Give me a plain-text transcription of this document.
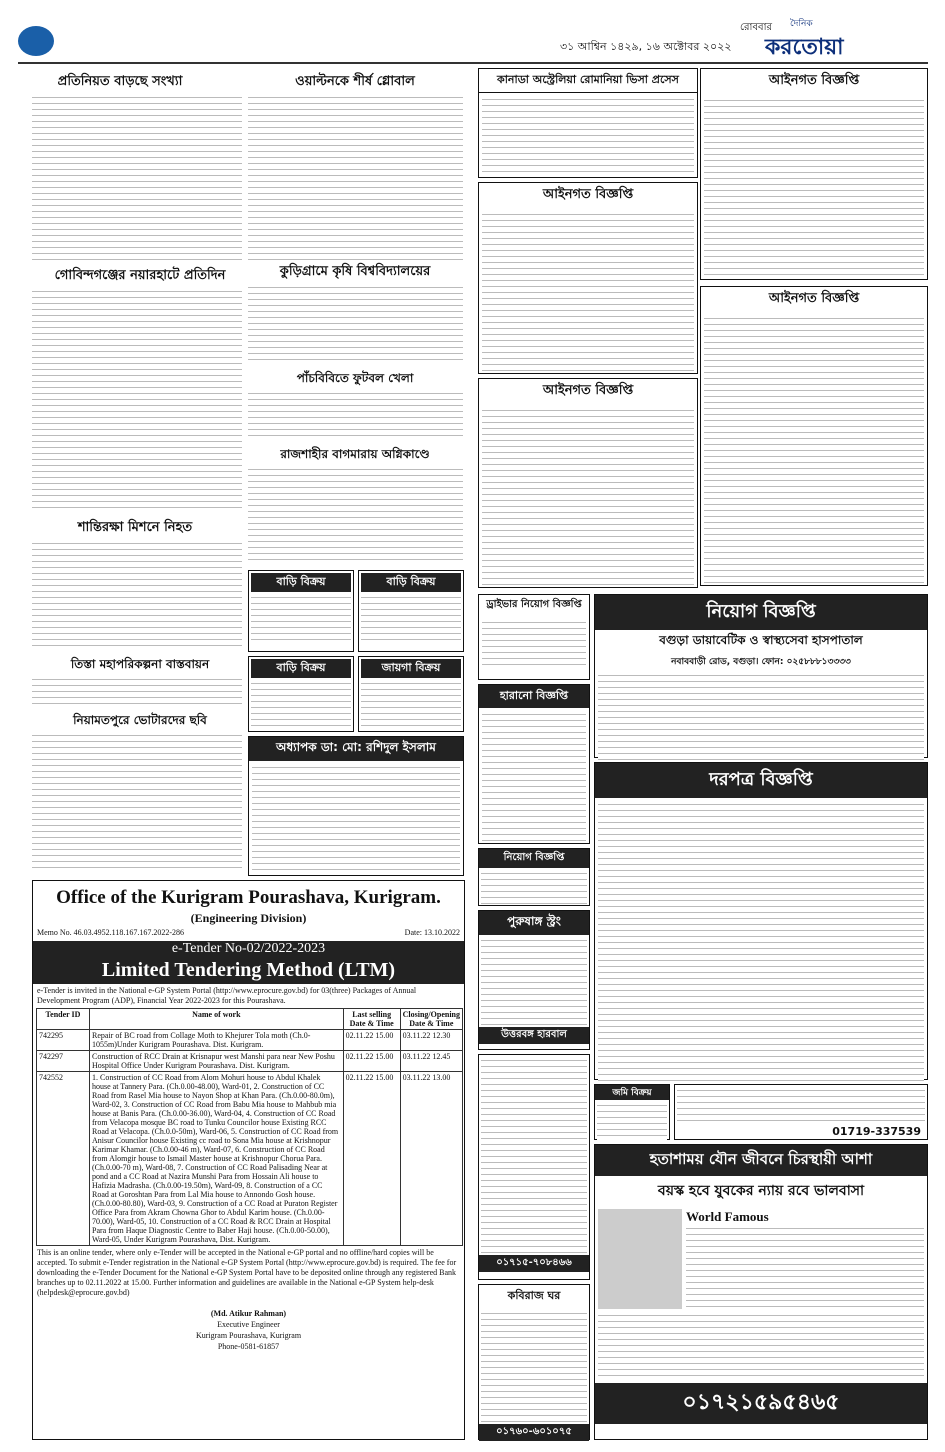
রোববার
৩১ আশ্বিন ১৪২৯, ১৬ অক্টোবর ২০২২
দৈনিক
করতোয়া
প্রতিনিয়ত বাড়ছে সংখ্যা	ওয়াল্টনকে শীর্ষ গ্লোবাল
গোবিন্দগঞ্জের নয়ারহাটে প্রতিদিন	কুড়িগ্রামে কৃষি বিশ্ববিদ্যালয়ের
পাঁচবিবিতে ফুটবল খেলা
রাজশাহীর বাগমারায় অগ্নিকাণ্ডে
শান্তিরক্ষা মিশনে নিহত
তিস্তা মহাপরিকল্পনা বাস্তবায়ন
নিয়ামতপুরে ভোটারদের ছবি
বাড়ি বিক্রয়	বাড়ি বিক্রয়
বাড়ি বিক্রয়	জায়গা বিক্রয়
অধ্যাপক ডা: মো: রশিদুল ইসলাম
Office of the Kurigram Pourashava, Kurigram.
(Engineering Division)
Memo No. 46.03.4952.118.167.167.2022-286	Date: 13.10.2022
e-Tender No-02/2022-2023
Limited Tendering Method (LTM)
e-Tender is invited in the National e-GP System Portal (http://www.eprocure.gov.bd) for 03(three) Packages of Annual Development Program (ADP), Financial Year 2022-2023 for this Pourashava.
Tender ID	Name of work	Last selling Date & Time	Closing/Opening Date & Time
742295	Repair of BC road from Collage Moth to Khejurer Tola moth (Ch.0-1055m)Under Kurigram Pourashava. Dist. Kurigram.	02.11.22 15.00	03.11.22 12.30
742297	Construction of RCC Drain at Krisnapur west Manshi para near New Poshu Hospital Office Under Kurigram Pourashava. Dist. Kurigram.	02.11.22 15.00	03.11.22 12.45
742552	1. Construction of CC Road from Alom Mohuri house to Abdul Khalek house at Tannery Para. (Ch.0.00-48.00), Ward-01, 2. Construction of CC Road from Rasel Mia house to Nayon Shop at Khan Para. (Ch.0.00-80.0m), Ward-02, 3. Construction of CC Road from Babu Mia house to Mahbub mia house at Banis Para. (Ch.0.00-36.00), Ward-04, 4. Construction of CC Road from Velacopa mosque BC road to Tunku Councilor house Existing RCC Road at Velacopa. (Ch.0.0-50m), Ward-06, 5. Construction of CC Road from Anisur Councilor house Existing cc road to Sona Mia house at Krishnopur Karimar Khamar. (Ch.0.00-46 m), Ward-07, 6. Construction of CC Road from Alomgir house to Ismail Master house at Krishnopur Chorua Para. (Ch.0.00-70 m), Ward-08, 7. Construction of CC Road Palisading Near at pond and a CC Road at Nazira Munshi Para from Hossain Ali house to Hafizia Madrasha. (Ch.0.00-19.50m), Ward-09, 8. Construction of a CC Road at Goroshtan Para from Lal Mia house to Annondo Gosh house. (Ch.0.00-80.80), Ward-03, 9. Construction of a CC Road at Puraton Register Office Para from Akram Chowna Ghor to Abdul Karim house. (Ch.0.00-70.00), Ward-05, 10. Construction of a CC Road & RCC Drain at Hospital Para from Haque Diagnostic Centre to Baber Haji house. (Ch.0.00-50.00), Ward-05, Under Kurigram Pourashava, Dist. Kurigram.	02.11.22 15.00	03.11.22 13.00
This is an online tender, where only e-Tender will be accepted in the National e-GP portal and no offline/hard copies will be accepted. To submit e-Tender registration in the National e-GP System Portal (http://www.eprocure.gov.bd) is required. The fee for downloading the e-Tender Document for the National e-GP System Portal have to be deposited online through any registered Bank branches up to 02.11.2022 at 15.00. Further information and guidelines are available in the National e-GP System help-desk (helpdesk@eprocure.gov.bd)
(Md. Atikur Rahman)
Executive Engineer
Kurigram Pourashava, Kurigram
Phone-0581-61857
কানাডা অস্ট্রেলিয়া রোমানিয়া ভিসা প্রসেস
আইনগত বিজ্ঞপ্তি
আইনগত বিজ্ঞপ্তি
ড্রাইভার নিয়োগ বিজ্ঞপ্তি
হারানো বিজ্ঞপ্তি
নিয়োগ বিজ্ঞপ্তি
পুরুষাঙ্গ স্ট্রং
উত্তরবঙ্গ হারবাল
০১৭১৫-৭০৮৪৬৬
কবিরাজ ঘর
০১৭৬০-৬০১০৭৫
আইনগত বিজ্ঞপ্তি
আইনগত বিজ্ঞপ্তি
নিয়োগ বিজ্ঞপ্তি
বগুড়া ডায়াবেটিক ও স্বাস্থ্যসেবা হাসপাতাল
নবাববাড়ী রোড, বগুড়া। ফোন: ০২৫৮৮৮১৩৩৩৩
দরপত্র বিজ্ঞপ্তি
জমি বিক্রয়
01719-337539
হতাশাময় যৌন জীবনে চিরস্থায়ী আশা
বয়স্ক হবে যুবকের ন্যায় রবে ভালবাসা
World Famous
০১৭২১৫৯৫৪৬৫
